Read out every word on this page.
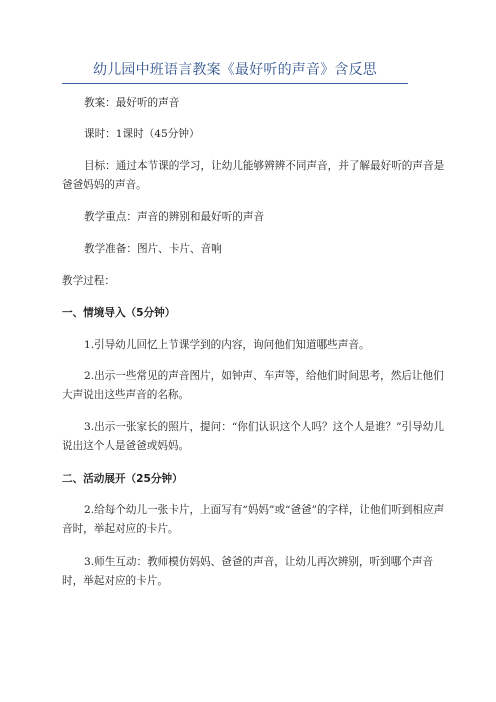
幼儿园中班语言教案《最好听的声音》含反思
教案：最好听的声音
课时：1课时（45分钟）
目标：通过本节课的学习，让幼儿能够辨辨不同声音，并了解最好听的声音是爸爸妈妈的声音。
教学重点：声音的辨别和最好听的声音
教学准备：图片、卡片、音响
教学过程：
一、情境导入（5分钟）
1.引导幼儿回忆上节课学到的内容，询问他们知道哪些声音。
2.出示一些常见的声音图片，如钟声、车声等，给他们时间思考，然后让他们大声说出这些声音的名称。
3.出示一张家长的照片，提问：“你们认识这个人吗？这个人是谁？”引导幼儿说出这个人是爸爸或妈妈。
二、活动展开（25分钟）
2.给每个幼儿一张卡片，上面写有“妈妈”或“爸爸”的字样，让他们听到相应声音时，举起对应的卡片。
3.师生互动：教师模仿妈妈、爸爸的声音，让幼儿再次辨别，听到哪个声音时，举起对应的卡片。
